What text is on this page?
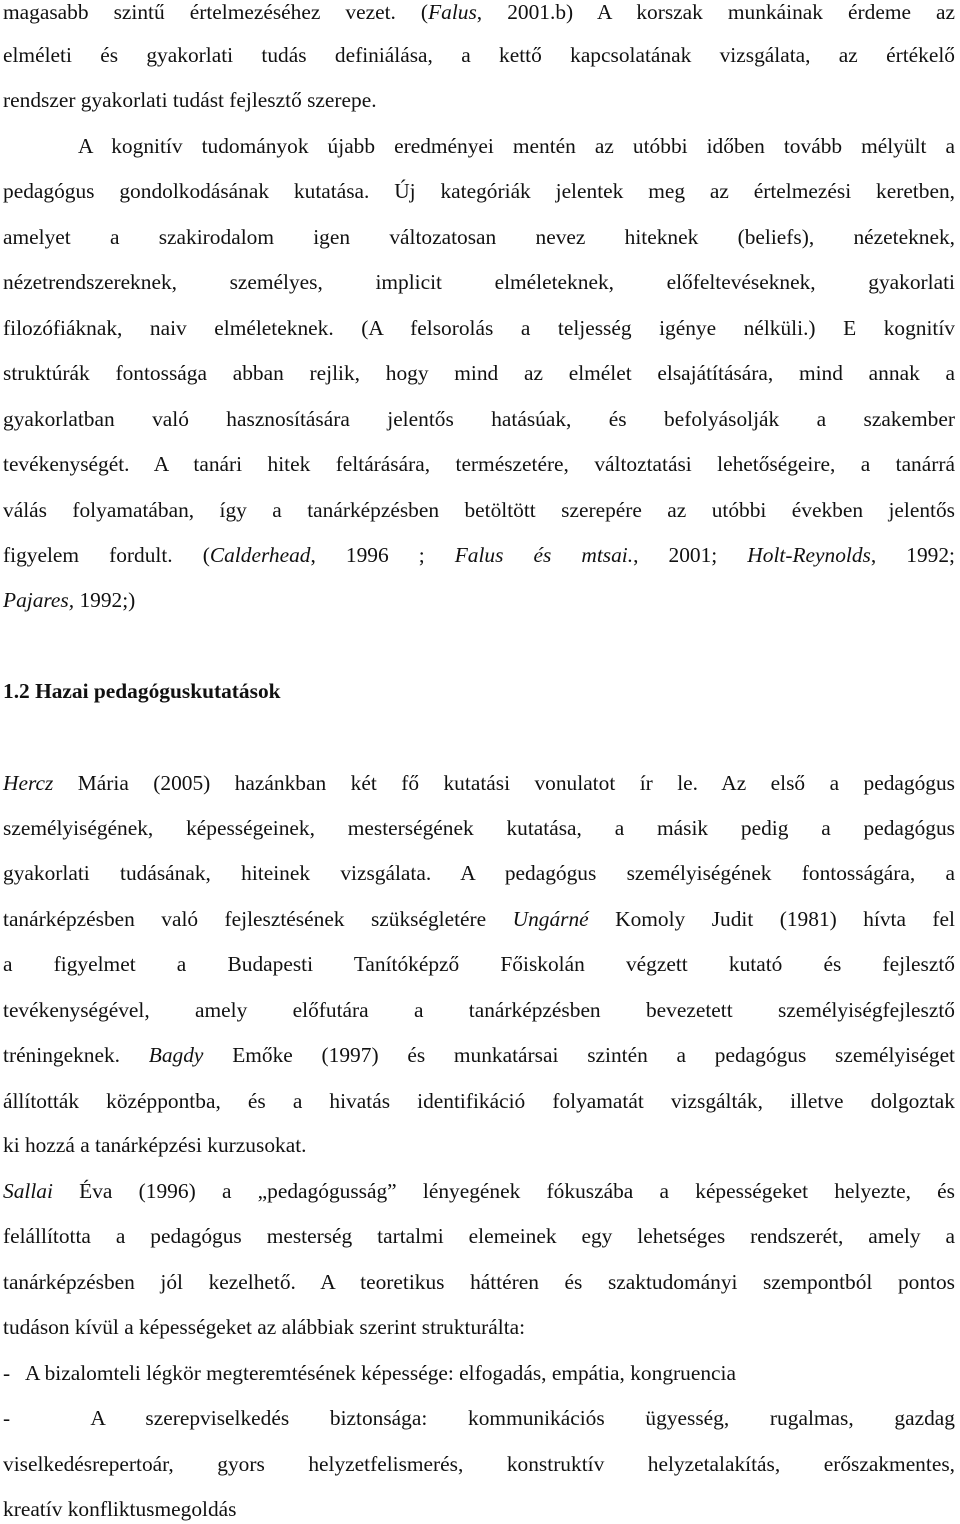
1.2 Hazai pedagóguskutatások
magasabb szintű értelmezéséhez vezet. (Falus, 2001.b) A korszak munkáinak érdeme az
elméleti és gyakorlati tudás definiálása, a kettő kapcsolatának vizsgálata, az értékelő
rendszer gyakorlati tudást fejlesztő szerepe.
A kognitív tudományok újabb eredményei mentén az utóbbi időben tovább mélyült a
pedagógus gondolkodásának kutatása. Új kategóriák jelentek meg az értelmezési keretben,
amelyet a szakirodalom igen változatosan nevez hiteknek (beliefs), nézeteknek,
nézetrendszereknek, személyes, implicit elméleteknek, előfeltevéseknek, gyakorlati
filozófiáknak, naiv elméleteknek. (A felsorolás a teljesség igénye nélküli.) E kognitív
struktúrák fontossága abban rejlik, hogy mind az elmélet elsajátítására, mind annak a
gyakorlatban való hasznosítására jelentős hatásúak, és befolyásolják a szakember
tevékenységét. A tanári hitek feltárására, természetére, változtatási lehetőségeire, a tanárrá
válás folyamatában, így a tanárképzésben betöltött szerepére az utóbbi években jelentős
figyelem fordult. (Calderhead, 1996 ; Falus és mtsai., 2001; Holt-Reynolds, 1992;
Pajares, 1992;)
Hercz Mária (2005) hazánkban két fő kutatási vonulatot ír le. Az első a pedagógus
személyiségének, képességeinek, mesterségének kutatása, a másik pedig a pedagógus
gyakorlati tudásának, hiteinek vizsgálata. A pedagógus személyiségének fontosságára, a
tanárképzésben való fejlesztésének szükségletére Ungárné Komoly Judit (1981) hívta fel
a figyelmet a Budapesti Tanítóképző Főiskolán végzett kutató és fejlesztő
tevékenységével, amely előfutára a tanárképzésben bevezetett személyiségfejlesztő
tréningeknek. Bagdy Emőke (1997) és munkatársai szintén a pedagógus személyiséget
állították középpontba, és a hivatás identifikáció folyamatát vizsgálták, illetve dolgoztak
ki hozzá a tanárképzési kurzusokat.
Sallai Éva (1996) a „pedagógusság” lényegének fókuszába a képességeket helyezte, és
felállította a pedagógus mesterség tartalmi elemeinek egy lehetséges rendszerét, amely a
tanárképzésben jól kezelhető. A teoretikus háttéren és szaktudományi szempontból pontos
tudáson kívül a képességeket az alábbiak szerint strukturálta:
-   A bizalomteli légkör megteremtésének képessége: elfogadás, empátia, kongruencia
-  A szerepviselkedés biztonsága: kommunikációs ügyesség, rugalmas, gazdag
viselkedésrepertoár, gyors helyzetfelismerés, konstruktív helyzetalakítás, erőszakmentes,
kreatív konfliktusmegoldás
